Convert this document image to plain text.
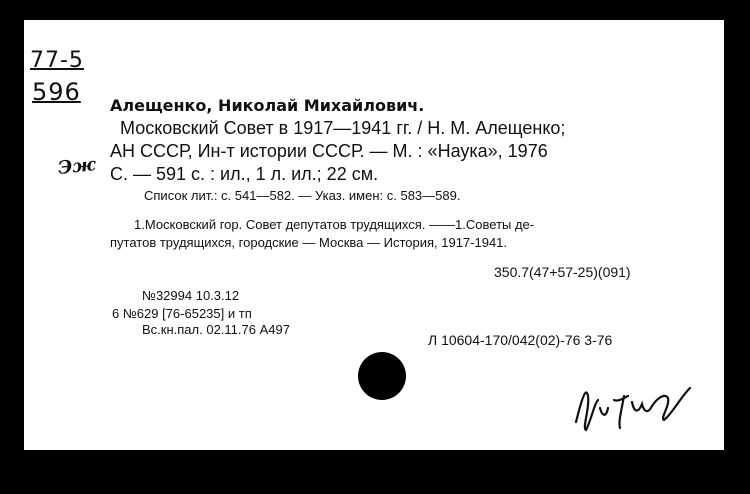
77-5
596
Эж
Алещенко, Николай Михайлович.
Московский Совет в 1917—1941 гг. / Н. М. Алещенко;
АН СССР, Ин-т истории СССР. — М. : «Наука», 1976
С. — 591 с. : ил., 1 л. ил.; 22 см.
Список лит.: с. 541—582. — Указ. имен: с. 583—589.
1.Московский гор. Совет депутатов трудящихся. ——1.Советы де-
путатов трудящихся, городские — Москва — История, 1917-1941.
350.7(47+57-25)(091)
№32994 10.3.12
6 №629 [76-65235] и тп
Вс.кн.пал. 02.11.76 А497
Л 10604-170/042(02)-76 3-76
